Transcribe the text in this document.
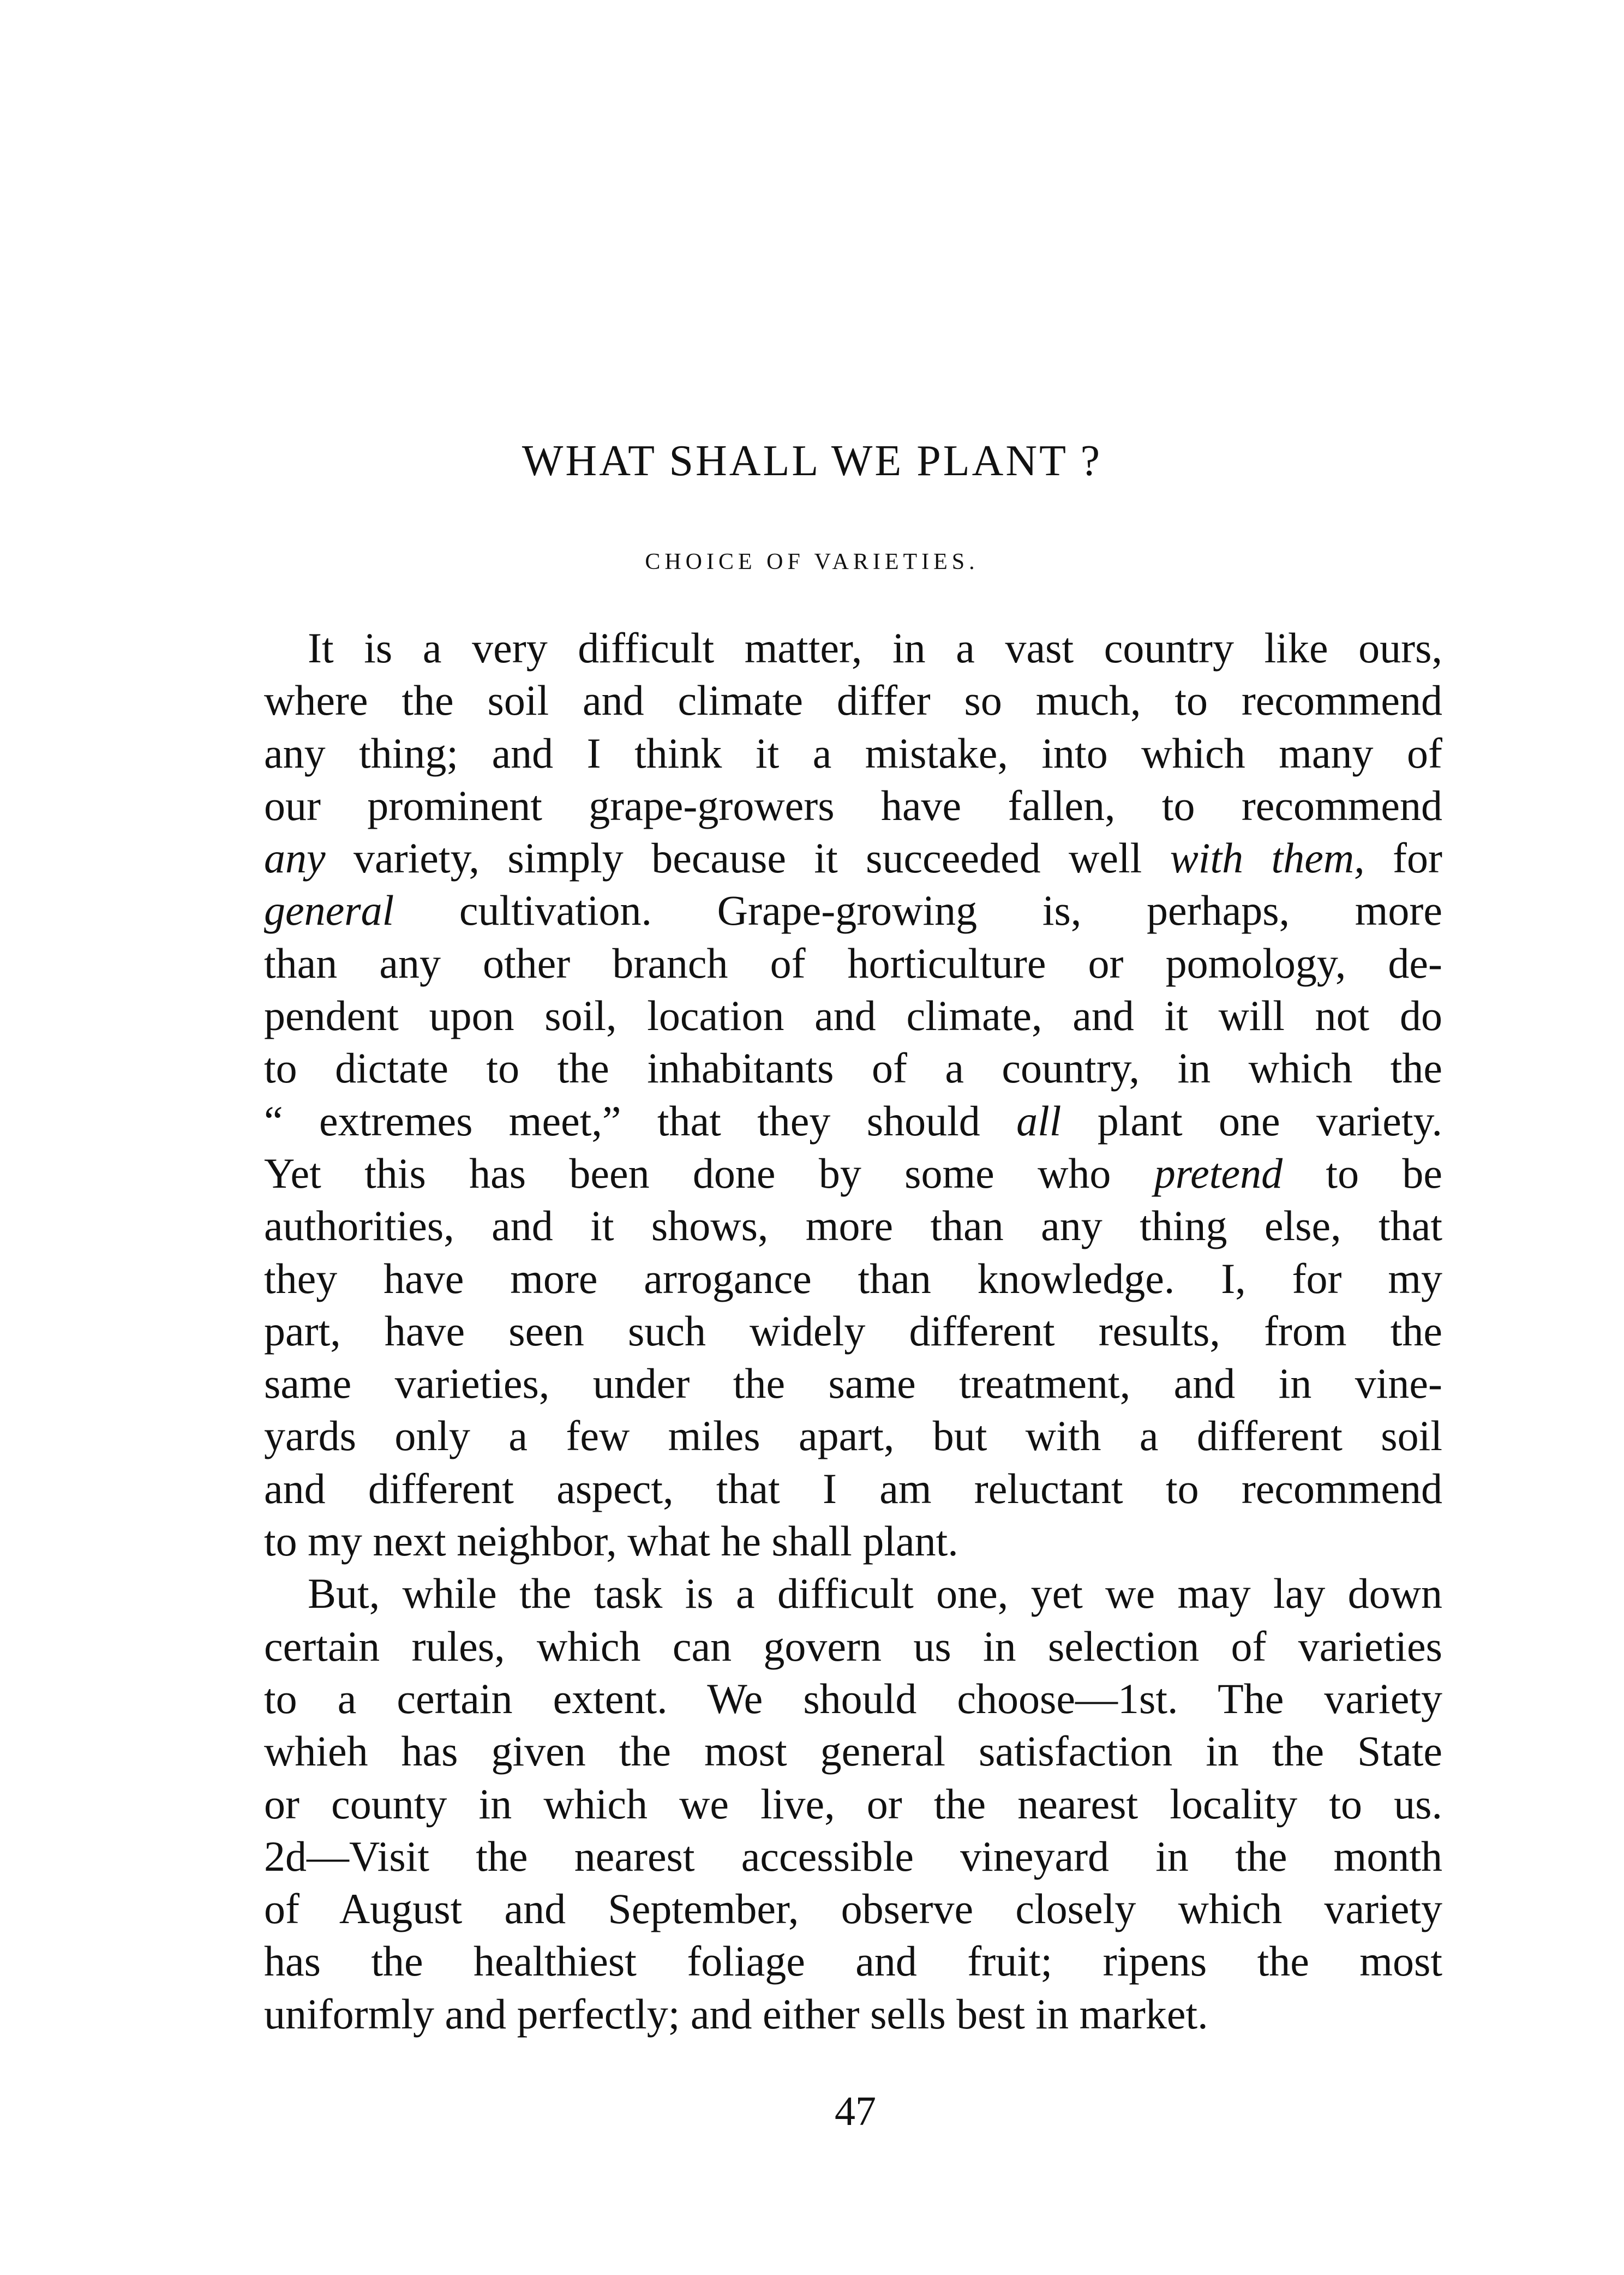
WHAT SHALL WE PLANT ?
CHOICE OF VARIETIES.
It is a very difficult matter, in a vast country like ours,
where the soil and climate differ so much, to recommend
any thing; and I think it a mistake, into which many of
our prominent grape-growers have fallen, to recommend
any variety, simply because it succeeded well with them, for
general cultivation. Grape-growing is, perhaps, more
than any other branch of horticulture or pomology, de-
pendent upon soil, location and climate, and it will not do
to dictate to the inhabitants of a country, in which the
“ extremes meet,” that they should all plant one variety.
Yet this has been done by some who pretend to be
authorities, and it shows, more than any thing else, that
they have more arrogance than knowledge. I, for my
part, have seen such widely different results, from the
same varieties, under the same treatment, and in vine-
yards only a few miles apart, but with a different soil
and different aspect, that I am reluctant to recommend
to my next neighbor, what he shall plant.
But, while the task is a difficult one, yet we may lay down
certain rules, which can govern us in selection of varieties
to a certain extent. We should choose—1st. The variety
whieh has given the most general satisfaction in the State
or county in which we live, or the nearest locality to us.
2d—Visit the nearest accessible vineyard in the month
of August and September, observe closely which variety
has the healthiest foliage and fruit; ripens the most
uniformly and perfectly; and either sells best in market.
47
